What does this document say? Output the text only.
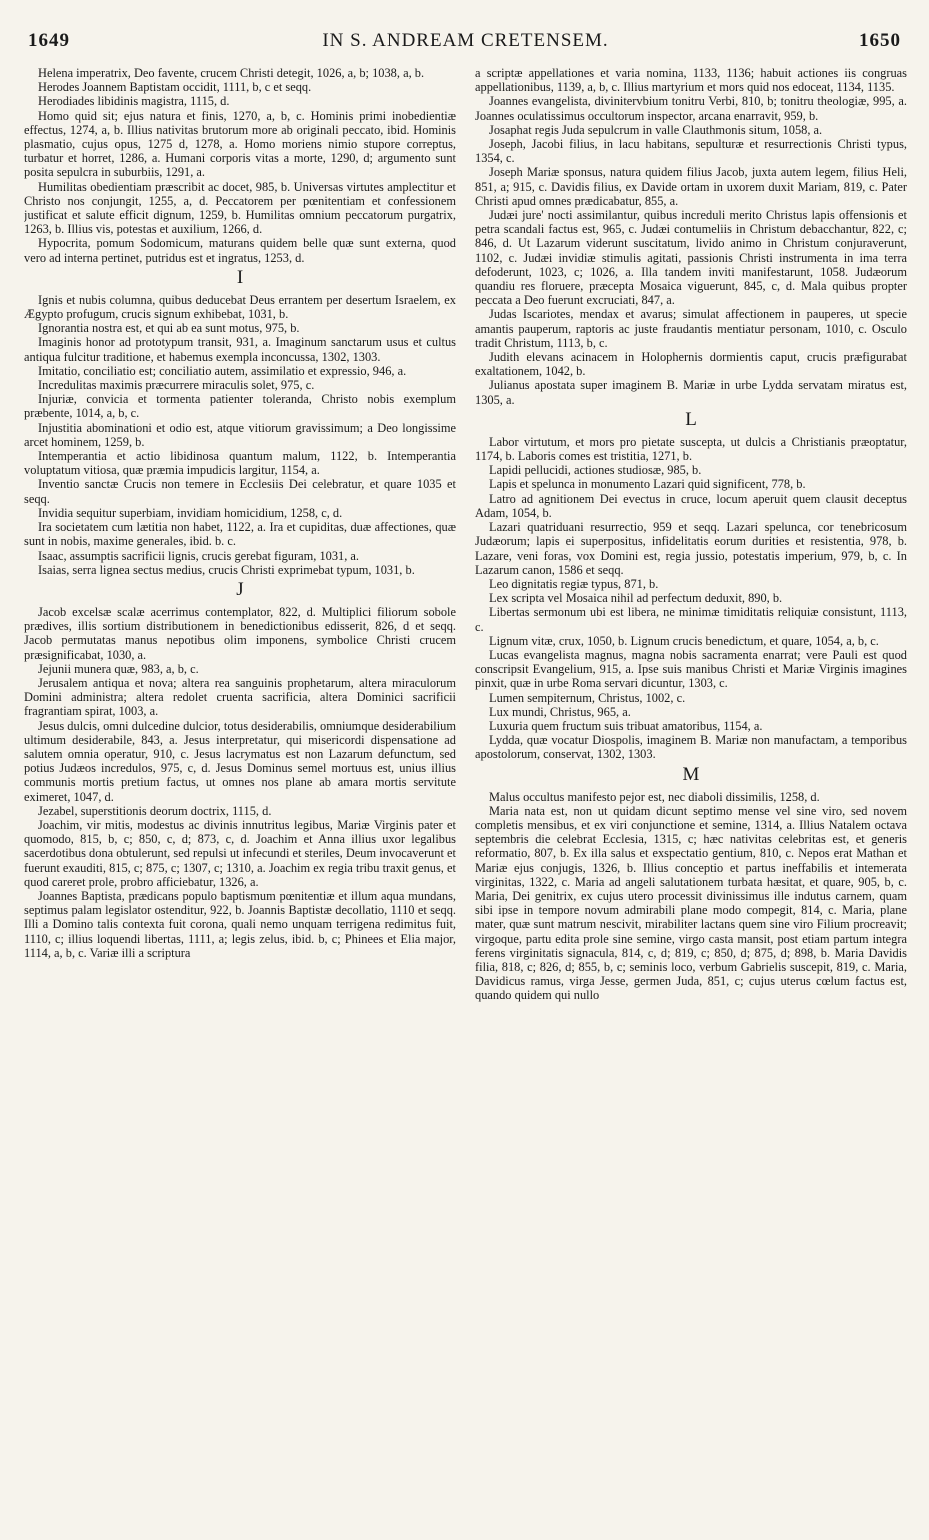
1649	IN S. ANDREAM CRETENSEM.	1650

Helena imperatrix, Deo favente, crucem Christi detegit, 1026, a, b; 1038, a, b.

Herodes Joannem Baptistam occidit, 1111, b, c et seqq.

Herodiades libidinis magistra, 1115, d.

Homo quid sit; ejus natura et finis, 1270, a, b, c. Hominis primi inobedientiæ effectus, 1274, a, b. Illius nativitas brutorum more ab originali peccato, ibid. Hominis plasmatio, cujus opus, 1275 d, 1278, a. Homo moriens nimio stupore correptus, turbatur et horret, 1286, a. Humani corporis vitas a morte, 1290, d; argumento sunt posita sepulcra in suburbiis, 1291, a.

Humilitas obedientiam præscribit ac docet, 985, b. Universas virtutes amplectitur et Christo nos conjungit, 1255, a, d. Peccatorem per pœnitentiam et confessionem justificat et salute efficit dignum, 1259, b. Humilitas omnium peccatorum purgatrix, 1263, b. Illius vis, potestas et auxilium, 1266, d.

Hypocrita, pomum Sodomicum, maturans quidem belle quæ sunt externa, quod vero ad interna pertinet, putridus est et ingratus, 1253, d.

I

Ignis et nubis columna, quibus deducebat Deus errantem per desertum Israelem, ex Ægypto profugum, crucis signum exhibebat, 1031, b.

Ignorantia nostra est, et qui ab ea sunt motus, 975, b.

Imaginis honor ad prototypum transit, 931, a. Imaginum sanctarum usus et cultus antiqua fulcitur traditione, et habemus exempla inconcussa, 1302, 1303.

Imitatio, conciliatio est; conciliatio autem, assimilatio et expressio, 946, a.

Incredulitas maximis præcurrere miraculis solet, 975, c.

Injuriæ, convicia et tormenta patienter toleranda, Christo nobis exemplum præbente, 1014, a, b, c.

Injustitia abominationi et odio est, atque vitiorum gravissimum; a Deo longissime arcet hominem, 1259, b.

Intemperantia et actio libidinosa quantum malum, 1122, b. Intemperantia voluptatum vitiosa, quæ præmia impudicis largitur, 1154, a.

Inventio sanctæ Crucis non temere in Ecclesiis Dei celebratur, et quare 1035 et seqq.

Invidia sequitur superbiam, invidiam homicidium, 1258, c, d.

Ira societatem cum lætitia non habet, 1122, a. Ira et cupiditas, duæ affectiones, quæ sunt in nobis, maxime generales, ibid. b. c.

Isaac, assumptis sacrificii lignis, crucis gerebat figuram, 1031, a.

Isaias, serra lignea sectus medius, crucis Christi exprimebat typum, 1031, b.

J

Jacob excelsæ scalæ acerrimus contemplator, 822, d. Multiplici filiorum sobole prædives, illis sortium distributionem in benedictionibus edisserit, 826, d et seqq. Jacob permutatas manus nepotibus olim imponens, symbolice Christi crucem præsignificabat, 1030, a.

Jejunii munera quæ, 983, a, b, c.

Jerusalem antiqua et nova; altera rea sanguinis prophetarum, altera miraculorum Domini administra; altera redolet cruenta sacrificia, altera Dominici sacrificii fragrantiam spirat, 1003, a.

Jesus dulcis, omni dulcedine dulcior, totus desiderabilis, omniumque desiderabilium ultimum desiderabile, 843, a. Jesus interpretatur, qui misericordi dispensatione ad salutem omnia operatur, 910, c. Jesus lacrymatus est non Lazarum defunctum, sed potius Judæos incredulos, 975, c, d. Jesus Dominus semel mortuus est, unius illius communis mortis pretium factus, ut omnes nos plane ab amara mortis servitute eximeret, 1047, d.

Jezabel, superstitionis deorum doctrix, 1115, d.

Joachim, vir mitis, modestus ac divinis innutritus legibus, Mariæ Virginis pater et quomodo, 815, b, c; 850, c, d; 873, c, d. Joachim et Anna illius uxor legalibus sacerdotibus dona obtulerunt, sed repulsi ut infecundi et steriles, Deum invocaverunt et fuerunt exauditi, 815, c; 875, c; 1307, c; 1310, a. Joachim ex regia tribu traxit genus, et quod careret prole, probro afficiebatur, 1326, a.

Joannes Baptista, prædicans populo baptismum pœnitentiæ et illum aqua mundans, septimus palam legislator ostenditur, 922, b. Joannis Baptistæ decollatio, 1110 et seqq. Illi a Domino talis contexta fuit corona, quali nemo unquam terrigena redimitus fuit, 1110, c; illius loquendi libertas, 1111, a; legis zelus, ibid. b, c; Phinees et Elia major, 1114, a, b, c. Variæ illi a scriptura

a scriptæ appellationes et varia nomina, 1133, 1136; habuit actiones iis congruas appellationibus, 1139, a, b, c. Illius martyrium et mors quid nos edoceat, 1134, 1135.

Joannes evangelista, divinitervbium tonitru Verbi, 810, b; tonitru theologiæ, 995, a. Joannes oculatissimus occultorum inspector, arcana enarravit, 959, b.

Josaphat regis Juda sepulcrum in valle Clauthmonis situm, 1058, a.

Joseph, Jacobi filius, in lacu habitans, sepulturæ et resurrectionis Christi typus, 1354, c.

Joseph Mariæ sponsus, natura quidem filius Jacob, juxta autem legem, filius Heli, 851, a; 915, c. Davidis filius, ex Davide ortam in uxorem duxit Mariam, 819, c. Pater Christi apud omnes prædicabatur, 855, a.

Judæi jure' nocti assimilantur, quibus increduli merito Christus lapis offensionis et petra scandali factus est, 965, c. Judæi contumeliis in Christum debacchantur, 822, c; 846, d. Ut Lazarum viderunt suscitatum, livido animo in Christum conjuraverunt, 1102, c. Judæi invidiæ stimulis agitati, passionis Christi instrumenta in ima terra defoderunt, 1023, c; 1026, a. Illa tandem inviti manifestarunt, 1058. Judæorum quandiu res floruere, præcepta Mosaica viguerunt, 845, c, d. Mala quibus propter peccata a Deo fuerunt excruciati, 847, a.

Judas Iscariotes, mendax et avarus; simulat affectionem in pauperes, ut specie amantis pauperum, raptoris ac juste fraudantis mentiatur personam, 1010, c. Osculo tradit Christum, 1113, b, c.

Judith elevans acinacem in Holophernis dormientis caput, crucis præfigurabat exaltationem, 1042, b.

Julianus apostata super imaginem B. Mariæ in urbe Lydda servatam miratus est, 1305, a.

L

Labor virtutum, et mors pro pietate suscepta, ut dulcis a Christianis præoptatur, 1174, b. Laboris comes est tristitia, 1271, b.

Lapidi pellucidi, actiones studiosæ, 985, b.

Lapis et spelunca in monumento Lazari quid significent, 778, b.

Latro ad agnitionem Dei evectus in cruce, locum aperuit quem clausit deceptus Adam, 1054, b.

Lazari quatriduani resurrectio, 959 et seqq. Lazari spelunca, cor tenebricosum Judæorum; lapis ei superpositus, infidelitatis eorum durities et resistentia, 978, b. Lazare, veni foras, vox Domini est, regia jussio, potestatis imperium, 979, b, c. In Lazarum canon, 1586 et seqq.

Leo dignitatis regiæ typus, 871, b.

Lex scripta vel Mosaica nihil ad perfectum deduxit, 890, b.

Libertas sermonum ubi est libera, ne minimæ timiditatis reliquiæ consistunt, 1113, c.

Lignum vitæ, crux, 1050, b. Lignum crucis benedictum, et quare, 1054, a, b, c.

Lucas evangelista magnus, magna nobis sacramenta enarrat; vere Pauli est quod conscripsit Evangelium, 915, a. Ipse suis manibus Christi et Mariæ Virginis imagines pinxit, quæ in urbe Roma servari dicuntur, 1303, c.

Lumen sempiternum, Christus, 1002, c.

Lux mundi, Christus, 965, a.

Luxuria quem fructum suis tribuat amatoribus, 1154, a.

Lydda, quæ vocatur Diospolis, imaginem B. Mariæ non manufactam, a temporibus apostolorum, conservat, 1302, 1303.

M

Malus occultus manifesto pejor est, nec diaboli dissimilis, 1258, d.

Maria nata est, non ut quidam dicunt septimo mense vel sine viro, sed novem completis mensibus, et ex viri conjunctione et semine, 1314, a. Illius Natalem octava septembris die celebrat Ecclesia, 1315, c; hæc nativitas celebritas est, et generis reformatio, 807, b. Ex illa salus et exspectatio gentium, 810, c. Nepos erat Mathan et Mariæ ejus conjugis, 1326, b. Illius conceptio et partus ineffabilis et intemerata virginitas, 1322, c. Maria ad angeli salutationem turbata hæsitat, et quare, 905, b, c. Maria, Dei genitrix, ex cujus utero processit divinissimus ille indutus carnem, quam sibi ipse in tempore novum admirabili plane modo compegit, 814, c. Maria, plane mater, quæ sunt matrum nescivit, mirabiliter lactans quem sine viro Filium procreavit; virgoque, partu edita prole sine semine, virgo casta mansit, post etiam partum integra ferens virginitatis signacula, 814, c, d; 819, c; 850, d; 875, d; 898, b. Maria Davidis filia, 818, c; 826, d; 855, b, c; seminis loco, verbum Gabrielis suscepit, 819, c. Maria, Davidicus ramus, virga Jesse, germen Juda, 851, c; cujus uterus cœlum factus est, quando quidem qui nullo
